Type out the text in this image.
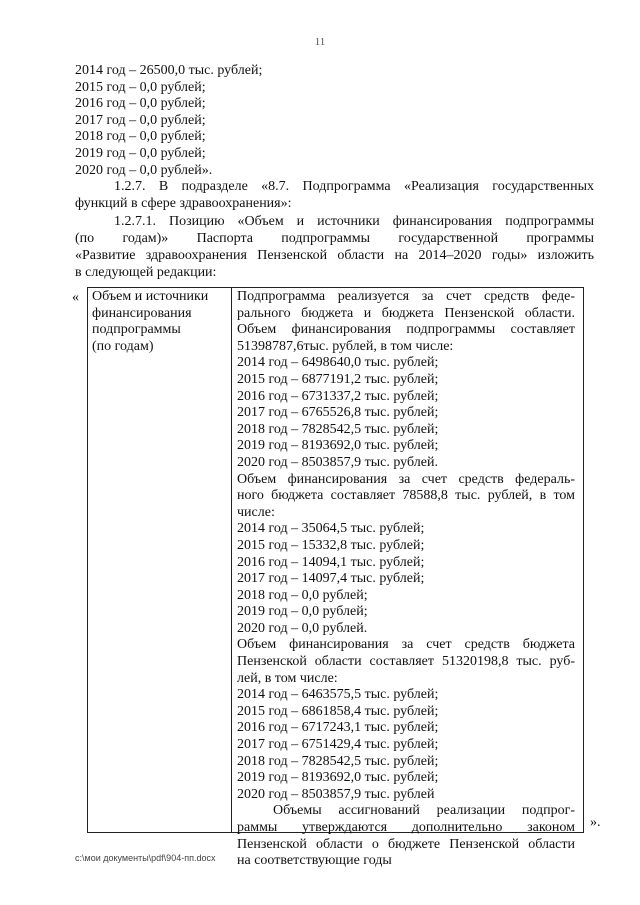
11
2014 год – 26500,0 тыс. рублей;
2015 год – 0,0 рублей;
2016 год – 0,0 рублей;
2017 год – 0,0 рублей;
2018 год – 0,0 рублей;
2019 год – 0,0 рублей;
2020 год – 0,0 рублей».
1.2.7. В подразделе «8.7. Подпрограмма «Реализация государственных
функций в сфере здравоохранения»:
1.2.7.1. Позицию «Объем и источники финансирования подпрограммы
(по годам)» Паспорта подпрограммы государственной программы
«Развитие здравоохранения Пензенской области на 2014–2020 годы» изложить
в следующей редакции:
« Объем и источники
финансирования
подпрограммы
(по годам)
Подпрограмма реализуется за счет средств феде-
рального бюджета и бюджета Пензенской области.
Объем финансирования подпрограммы составляет
51398787,6тыс. рублей, в том числе:
2014 год – 6498640,0 тыс. рублей;
2015 год – 6877191,2 тыс. рублей;
2016 год – 6731337,2 тыс. рублей;
2017 год – 6765526,8 тыс. рублей;
2018 год – 7828542,5 тыс. рублей;
2019 год – 8193692,0 тыс. рублей;
2020 год – 8503857,9 тыс. рублей.
Объем финансирования за счет средств федераль-
ного бюджета составляет 78588,8 тыс. рублей, в том
числе:
2014 год – 35064,5 тыс. рублей;
2015 год – 15332,8 тыс. рублей;
2016 год – 14094,1 тыс. рублей;
2017 год – 14097,4 тыс. рублей;
2018 год – 0,0 рублей;
2019 год – 0,0 рублей;
2020 год – 0,0 рублей.
Объем финансирования за счет средств бюджета
Пензенской области составляет 51320198,8 тыс. руб-
лей, в том числе:
2014 год – 6463575,5 тыс. рублей;
2015 год – 6861858,4 тыс. рублей;
2016 год – 6717243,1 тыс. рублей;
2017 год – 6751429,4 тыс. рублей;
2018 год – 7828542,5 тыс. рублей;
2019 год – 8193692,0 тыс. рублей;
2020 год – 8503857,9 тыс. рублей
Объемы ассигнований реализации подпрог-
раммы утверждаются дополнительно законом
Пензенской области о бюджете Пензенской области
на соответствующие годы
».
c:\мои документы\pdf\904-пп.docx
